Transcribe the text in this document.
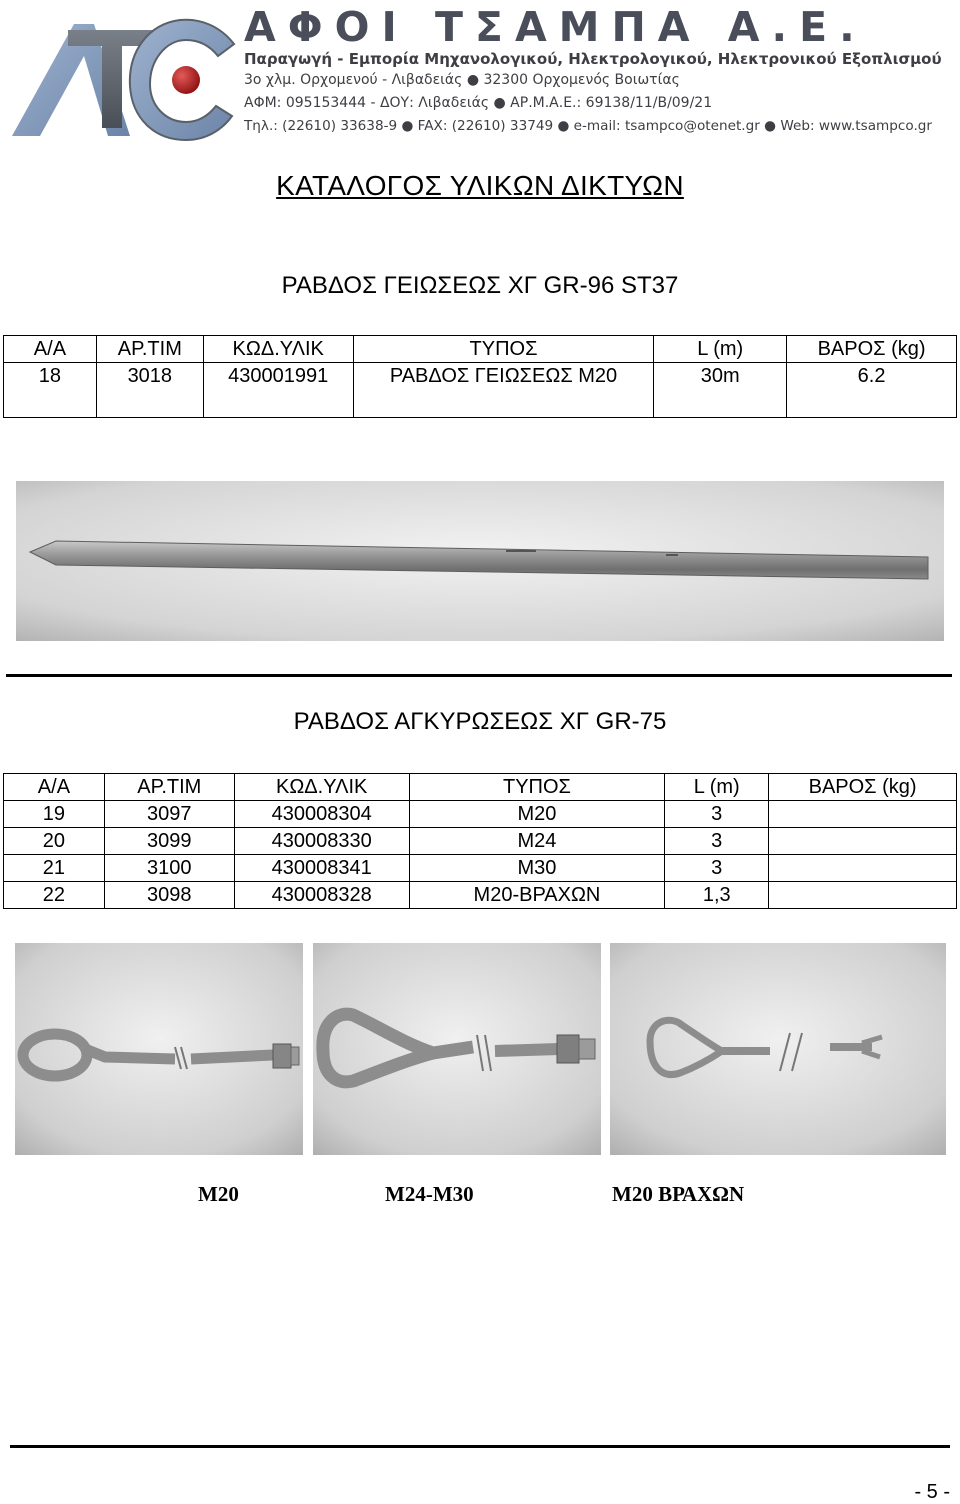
ΑΦΟΙ ΤΣΑΜΠΑ Α.Ε.

Παραγωγή - Εμπορία Μηχανολογικού, Ηλεκτρολογικού, Ηλεκτρονικού Εξοπλισμού

3ο χλμ. Ορχομενού - Λιβαδειάς ● 32300 Ορχομενός Βοιωτίας

ΑΦΜ: 095153444 - ΔΟΥ: Λιβαδειάς ● ΑΡ.Μ.Α.Ε.: 69138/11/Β/09/21

Τηλ.: (22610) 33638-9 ● FAX: (22610) 33749 ● e-mail: tsampco@otenet.gr ● Web: www.tsampco.gr

ΚΑΤΑΛΟΓΟΣ ΥΛΙΚΩΝ ΔΙΚΤΥΩΝ
ΡΑΒΔΟΣ ΓΕΙΩΣΕΩΣ ΧΓ GR-96 ST37
Α/Α	ΑΡ.ΤΙΜ	ΚΩΔ.ΥΛΙΚ	ΤΥΠΟΣ	L (m)	ΒΑΡΟΣ (kg)
18	3018	430001991	ΡΑΒΔΟΣ ΓΕΙΩΣΕΩΣ Μ20	30m	6.2
ΡΑΒΔΟΣ ΑΓΚΥΡΩΣΕΩΣ ΧΓ GR-75
Α/Α	ΑΡ.ΤΙΜ	ΚΩΔ.ΥΛΙΚ	ΤΥΠΟΣ	L (m)	ΒΑΡΟΣ (kg)
19	3097	430008304	Μ20	3	
20	3099	430008330	Μ24	3	
21	3100	430008341	Μ30	3	
22	3098	430008328	Μ20-ΒΡΑΧΩΝ	1,3	

Μ20	Μ24-Μ30	Μ20 ΒΡΑΧΩΝ

- 5 -
